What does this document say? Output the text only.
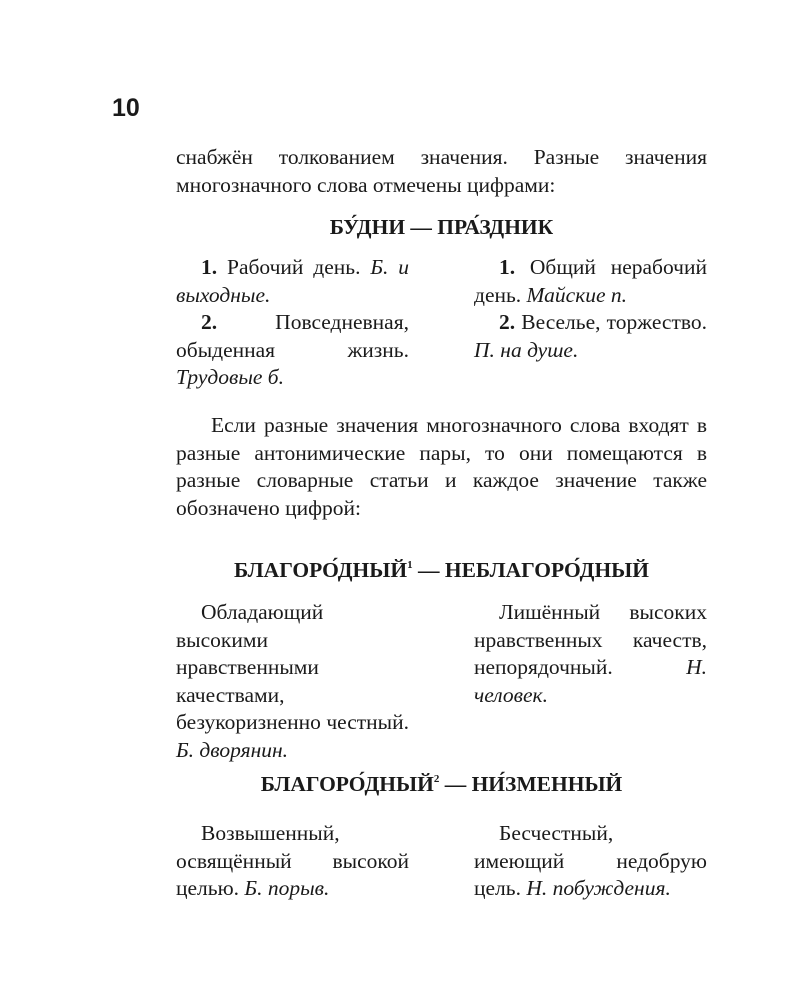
10
снабжён толкованием значения. Разные значения многозначного слова отмечены цифрами:
БУ́ДНИ — ПРА́ЗДНИК

1. Рабочий день. Б. и выходные.

2. Повседневная, обыденная жизнь. Трудовые б.

1. Общий нерабочий день. Майские п.

2. Веселье, торжество. П. на душе.

Если разные значения многозначного слова входят в разные антонимические пары, то они помещаются в разные словарные статьи и каждое значение также обозначено цифрой:
БЛАГОРО́ДНЫЙ$^1$ — НЕБЛАГОРО́ДНЫЙ

Обладающий высокими нравственными качествами, безукоризненно честный. Б. дворянин.

Лишённый высоких нравственных качеств, непорядочный. Н. человек.

БЛАГОРО́ДНЫЙ$^2$ — НИ́ЗМЕННЫЙ

Возвышенный, освящённый высокой целью. Б. порыв.

Бесчестный, имеющий недобрую цель. Н. побуждения.
